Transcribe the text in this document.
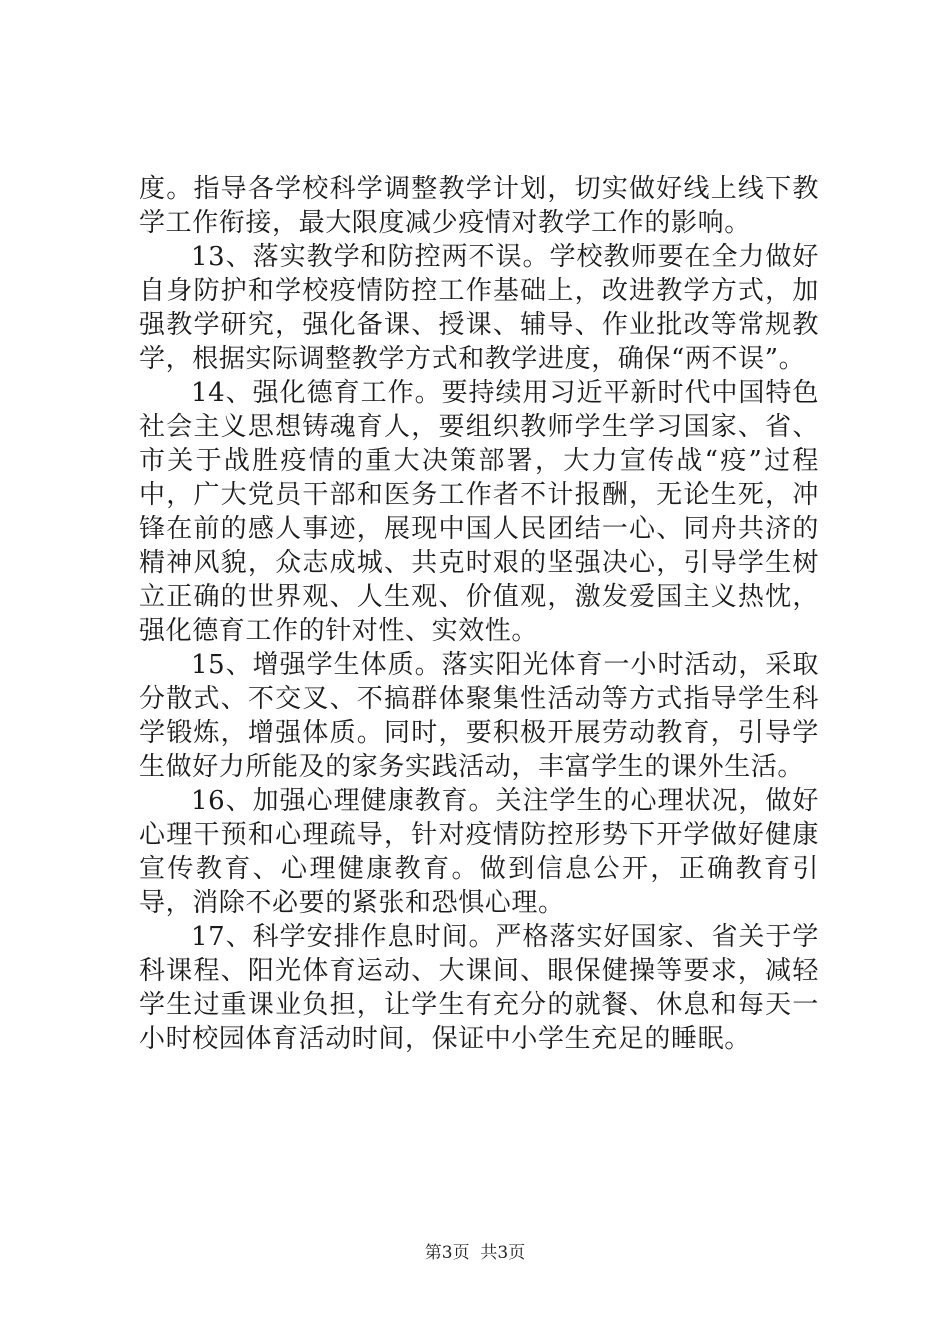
度。指导各学校科学调整教学计划，切实做好线上线下教学工作衔接，最大限度减少疫情对教学工作的影响。

13、落实教学和防控两不误。学校教师要在全力做好自身防护和学校疫情防控工作基础上，改进教学方式，加强教学研究，强化备课、授课、辅导、作业批改等常规教学，根据实际调整教学方式和教学进度，确保“两不误”。

14、强化德育工作。要持续用习近平新时代中国特色社会主义思想铸魂育人，要组织教师学生学习国家、省、市关于战胜疫情的重大决策部署，大力宣传战“疫”过程中，广大党员干部和医务工作者不计报酬，无论生死，冲锋在前的感人事迹，展现中国人民团结一心、同舟共济的精神风貌，众志成城、共克时艰的坚强决心，引导学生树立正确的世界观、人生观、价值观，激发爱国主义热忱，强化德育工作的针对性、实效性。

15、增强学生体质。落实阳光体育一小时活动，采取分散式、不交叉、不搞群体聚集性活动等方式指导学生科学锻炼，增强体质。同时，要积极开展劳动教育，引导学生做好力所能及的家务实践活动，丰富学生的课外生活。

16、加强心理健康教育。关注学生的心理状况，做好心理干预和心理疏导，针对疫情防控形势下开学做好健康宣传教育、心理健康教育。做到信息公开，正确教育引导，消除不必要的紧张和恐惧心理。

17、科学安排作息时间。严格落实好国家、省关于学科课程、阳光体育运动、大课间、眼保健操等要求，减轻学生过重课业负担，让学生有充分的就餐、休息和每天一小时校园体育活动时间，保证中小学生充足的睡眠。

第3页  共3页
